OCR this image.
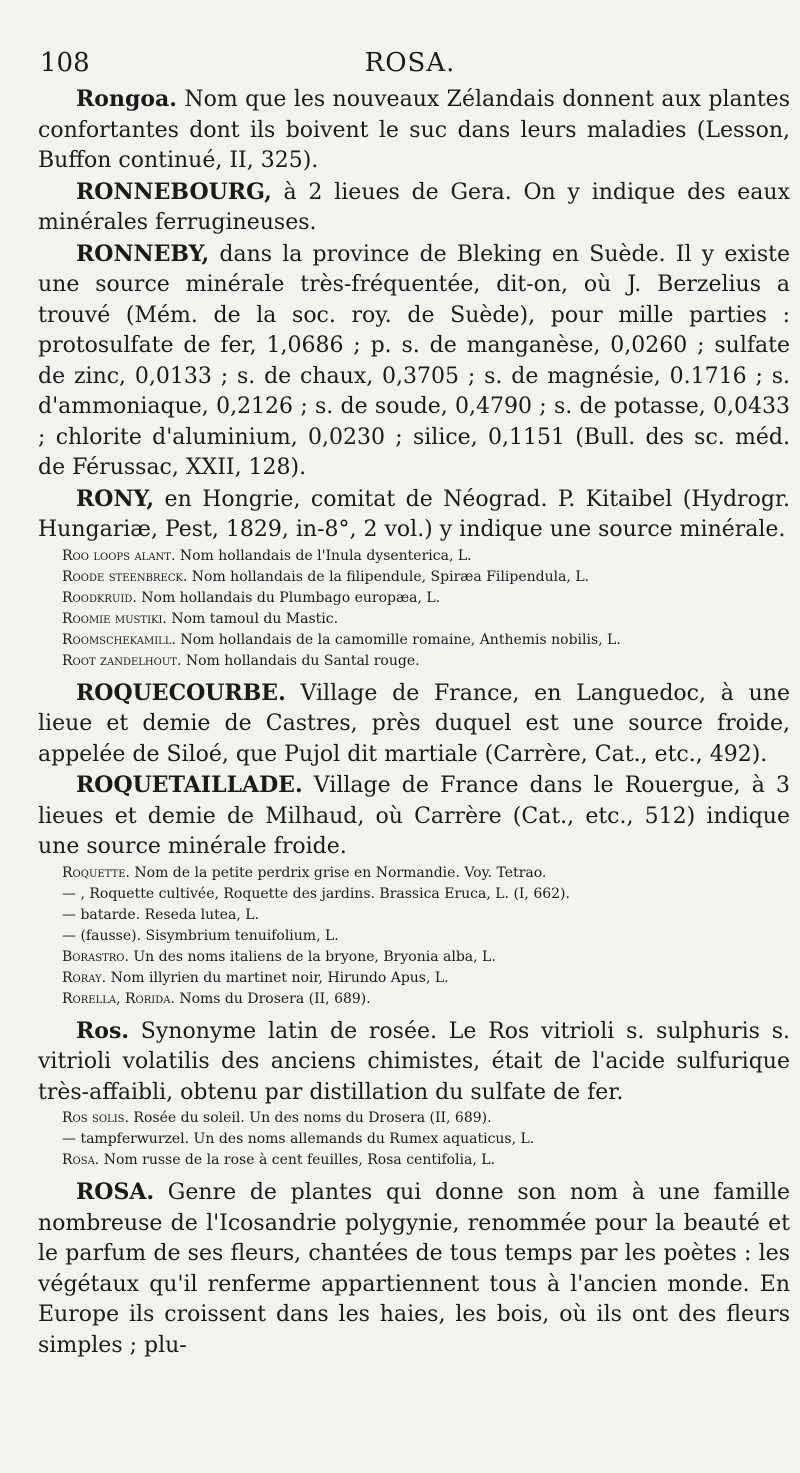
108	ROSA.

Rongoa. Nom que les nouveaux Zélandais donnent aux plantes confortantes dont ils boivent le suc dans leurs maladies (Lesson, Buffon continué, II, 325).

RONNEBOURG, à 2 lieues de Gera. On y indique des eaux minérales ferrugineuses.

RONNEBY, dans la province de Bleking en Suède. Il y existe une source minérale très-fréquentée, dit-on, où J. Berzelius a trouvé (Mém. de la soc. roy. de Suède), pour mille parties : protosulfate de fer, 1,0686 ; p. s. de manganèse, 0,0260 ; sulfate de zinc, 0,0133 ; s. de chaux, 0,3705 ; s. de magnésie, 0.1716 ; s. d'ammoniaque, 0,2126 ; s. de soude, 0,4790 ; s. de potasse, 0,0433 ; chlorite d'aluminium, 0,0230 ; silice, 0,1151 (Bull. des sc. méd. de Férussac, XXII, 128).

RONY, en Hongrie, comitat de Néograd. P. Kitaibel (Hydrogr. Hungariæ, Pest, 1829, in-8°, 2 vol.) y indique une source minérale.

Roo loops alant. Nom hollandais de l'Inula dysenterica, L.

Roode steenbreck. Nom hollandais de la filipendule, Spiræa Filipendula, L.

Roodkruid. Nom hollandais du Plumbago europæa, L.

Roomie mustiki. Nom tamoul du Mastic.

Roomschekamill. Nom hollandais de la camomille romaine, Anthemis nobilis, L.

Root zandelhout. Nom hollandais du Santal rouge.

ROQUECOURBE. Village de France, en Languedoc, à une lieue et demie de Castres, près duquel est une source froide, appelée de Siloé, que Pujol dit martiale (Carrère, Cat., etc., 492).

ROQUETAILLADE. Village de France dans le Rouergue, à 3 lieues et demie de Milhaud, où Carrère (Cat., etc., 512) indique une source minérale froide.

Roquette. Nom de la petite perdrix grise en Normandie. Voy. Tetrao.

— , Roquette cultivée, Roquette des jardins. Brassica Eruca, L. (I, 662).

— batarde. Reseda lutea, L.

— (fausse). Sisymbrium tenuifolium, L.

Borastro. Un des noms italiens de la bryone, Bryonia alba, L.

Roray. Nom illyrien du martinet noir, Hirundo Apus, L.

Rorella, Rorida. Noms du Drosera (II, 689).

Ros. Synonyme latin de rosée. Le Ros vitrioli s. sulphuris s. vitrioli volatilis des anciens chimistes, était de l'acide sulfurique très-affaibli, obtenu par distillation du sulfate de fer.

Ros solis. Rosée du soleil. Un des noms du Drosera (II, 689).

— tampferwurzel. Un des noms allemands du Rumex aquaticus, L.

Rosa. Nom russe de la rose à cent feuilles, Rosa centifolia, L.

ROSA. Genre de plantes qui donne son nom à une famille nombreuse de l'Icosandrie polygynie, renommée pour la beauté et le parfum de ses fleurs, chantées de tous temps par les poètes : les végétaux qu'il renferme appartiennent tous à l'ancien monde. En Europe ils croissent dans les haies, les bois, où ils ont des fleurs simples ; plu-
